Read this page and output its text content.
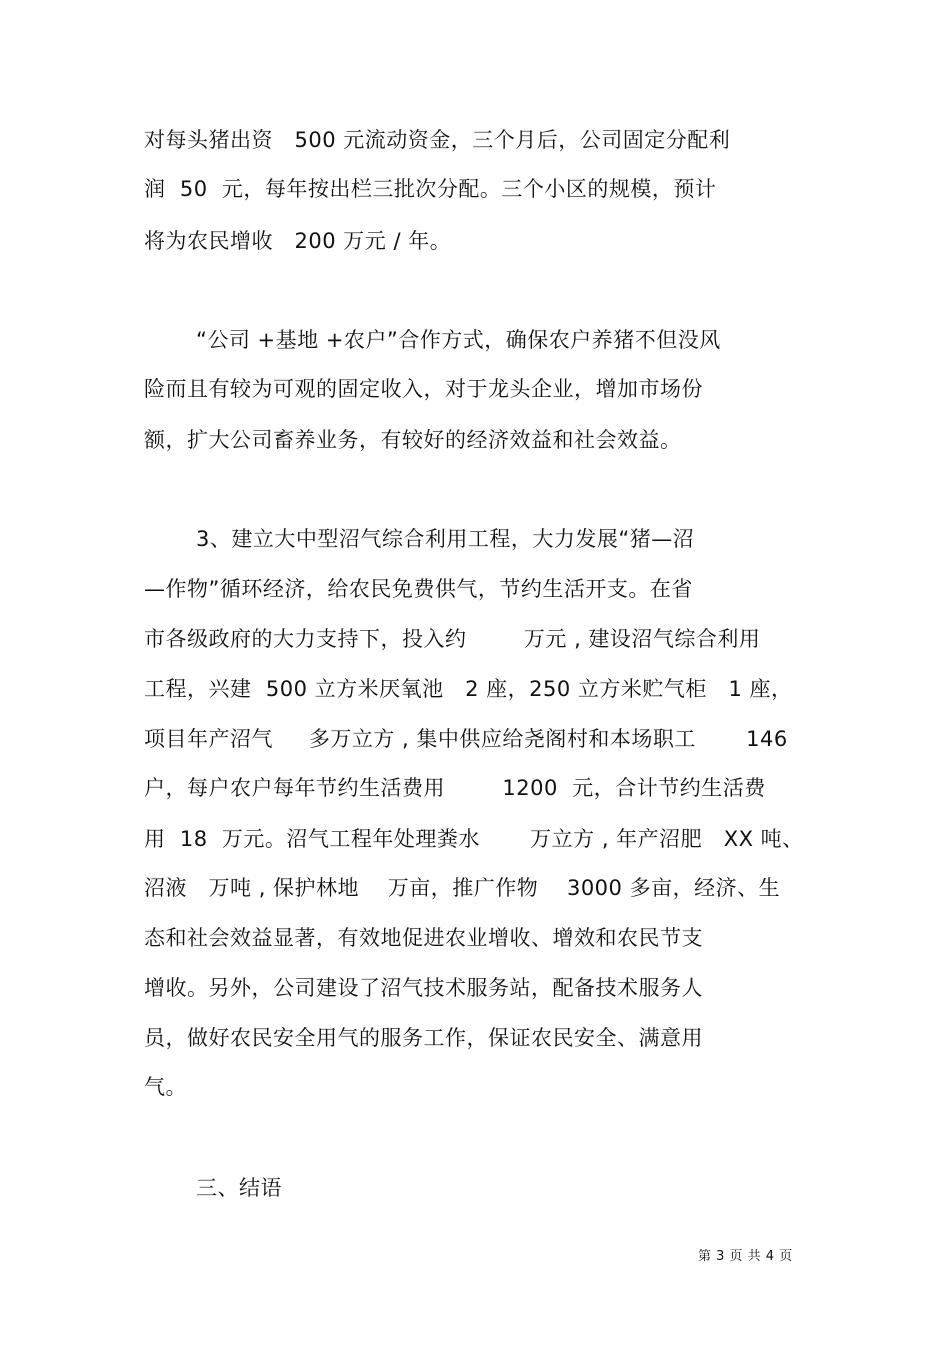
对每头猪出资   500 元流动资金，三个月后，公司固定分配利
润  50  元，每年按出栏三批次分配。三个小区的规模，预计
将为农民增收   200 万元 / 年。
“公司 +基地 +农户”合作方式，确保农户养猪不但没风
险而且有较为可观的固定收入，对于龙头企业，增加市场份
额，扩大公司畜养业务，有较好的经济效益和社会效益。
3、建立大中型沼气综合利用工程，大力发展“猪—沼
—作物”循环经济，给农民免费供气，节约生活开支。在省
市各级政府的大力支持下，投入约        万元 , 建设沼气综合利用
工程，兴建  500 立方米厌氧池   2 座，250 立方米贮气柜   1 座，
项目年产沼气     多万立方 , 集中供应给尧阁村和本场职工       146
户，每户农户每年节约生活费用        1200  元，合计节约生活费
用  18  万元。沼气工程年处理粪水       万立方 , 年产沼肥   XX 吨、
沼液   万吨 , 保护林地    万亩，推广作物    3000 多亩，经济、生
态和社会效益显著，有效地促进农业增收、增效和农民节支
增收。另外，公司建设了沼气技术服务站，配备技术服务人
员，做好农民安全用气的服务工作，保证农民安全、满意用
气。
三、结语
第 3 页 共 4 页
